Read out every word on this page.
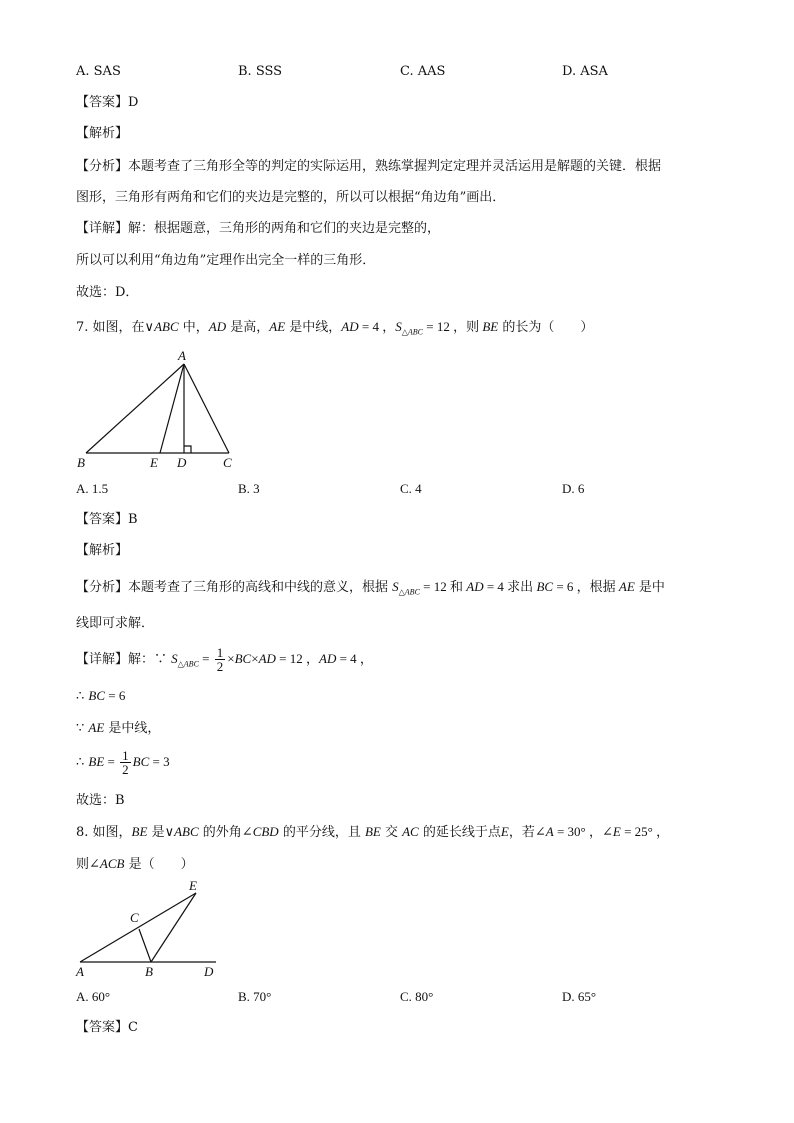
A. SAS	B. SSS	C. AAS	D. ASA
【答案】D
【解析】
【分析】本题考查了三角形全等的判定的实际运用，熟练掌握判定定理并灵活运用是解题的关键．根据
图形，三角形有两角和它们的夹边是完整的，所以可以根据“角边角”画出．
【详解】解：根据题意，三角形的两角和它们的夹边是完整的，
所以可以利用“角边角”定理作出完全一样的三角形．
故选：D．
7. 如图，在∨ABC 中，AD 是高，AE 是中线，AD = 4 ，$S_{\triangle ABC} = 12$ ，则 BE 的长为（　　）
A
B	E D	C
A. 1.5	B. 3	C. 4	D. 6
【答案】B
【解析】
【分析】本题考查了三角形的高线和中线的意义，根据 $S_{\triangle ABC} = 12$ 和 AD = 4 求出 BC = 6 ，根据 AE 是中
线即可求解．
【详解】解：∵ $S_{\triangle ABC} = \frac{1}{2} \times BC\times AD = 12$ ，AD = 4 ，
∴ BC = 6
∵ AE 是中线，
∴ BE = $\frac{1}{2}$ BC = 3
故选：B
8. 如图，BE 是∨ABC 的外角∠CBD 的平分线，且 BE 交 AC 的延长线于点E，若∠A = 30° ，∠E = 25° ，
则∠ACB 是（　　）
A	B	D
C
E
A. 60°	B. 70°	C. 80°	D. 65°
【答案】C
